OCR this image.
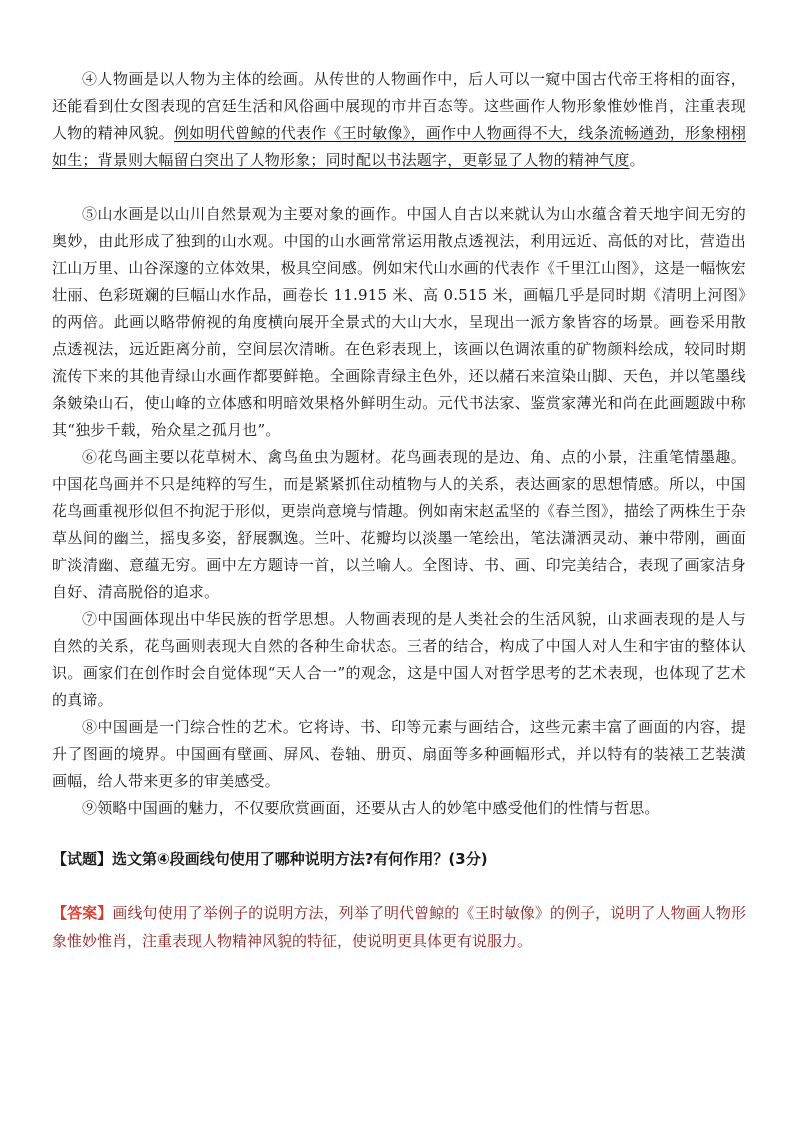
④人物画是以人物为主体的绘画。从传世的人物画作中，后人可以一窥中国古代帝王将相的面容，还能看到仕女图表现的宫廷生活和风俗画中展现的市井百态等。这些画作人物形象惟妙惟肖，注重表现人物的精神风貌。例如明代曾鲸的代表作《王时敏像》，画作中人物画得不大，线条流畅遒劲，形象栩栩如生；背景则大幅留白突出了人物形象；同时配以书法题字，更彰显了人物的精神气度。

⑤山水画是以山川自然景观为主要对象的画作。中国人自古以来就认为山水蕴含着天地宇间无穷的奥妙，由此形成了独到的山水观。中国的山水画常常运用散点透视法，利用远近、高低的对比，营造出江山万里、山谷深邃的立体效果，极具空间感。例如宋代山水画的代表作《千里江山图》，这是一幅恢宏壮丽、色彩斑斓的巨幅山水作品，画卷长 11.915 米、高 0.515 米，画幅几乎是同时期《清明上河图》的两倍。此画以略带俯视的角度横向展开全景式的大山大水，呈现出一派方象皆容的场景。画卷采用散点透视法，远近距离分前，空间层次清晰。在色彩表现上，该画以色调浓重的矿物颜料绘成，较同时期流传下来的其他青绿山水画作都要鲜艳。全画除青绿主色外，还以赭石来渲染山脚、天色，并以笔墨线条皴染山石，使山峰的立体感和明暗效果格外鲜明生动。元代书法家、鉴赏家薄光和尚在此画题跋中称其“独步千载，殆众星之孤月也”。

⑥花鸟画主要以花草树木、禽鸟鱼虫为题材。花鸟画表现的是边、角、点的小景，注重笔情墨趣。中国花鸟画并不只是纯粹的写生，而是紧紧抓住动植物与人的关系，表达画家的思想情感。所以，中国花鸟画重视形似但不拘泥于形似，更崇尚意境与情趣。例如南宋赵孟坚的《春兰图》，描绘了两株生于杂草丛间的幽兰，摇曳多姿，舒展飘逸。兰叶、花瓣均以淡墨一笔绘出，笔法潇洒灵动、兼中带刚，画面旷淡清幽、意蕴无穷。画中左方题诗一首，以兰喻人。全图诗、书、画、印完美结合，表现了画家洁身自好、清高脱俗的追求。

⑦中国画体现出中华民族的哲学思想。人物画表现的是人类社会的生活风貌，山求画表现的是人与自然的关系，花鸟画则表现大自然的各种生命状态。三者的结合，构成了中国人对人生和宇宙的整体认识。画家们在创作时会自觉体现“天人合一”的观念，这是中国人对哲学思考的艺术表现，也体现了艺术的真谛。

⑧中国画是一门综合性的艺术。它将诗、书、印等元素与画结合，这些元素丰富了画面的内容，提升了图画的境界。中国画有壁画、屏风、卷轴、册页、扇面等多种画幅形式，并以特有的装裱工艺装潢画幅，给人带来更多的审美感受。

⑨领略中国画的魅力，不仅要欣赏画面，还要从古人的妙笔中感受他们的性情与哲思。

【试题】选文第④段画线句使用了哪种说明方法?有何作用？(3分)
【答案】画线句使用了举例子的说明方法，列举了明代曾鲸的《王时敏像》的例子，说明了人物画人物形象惟妙惟肖，注重表现人物精神风貌的特征，使说明更具体更有说服力。
